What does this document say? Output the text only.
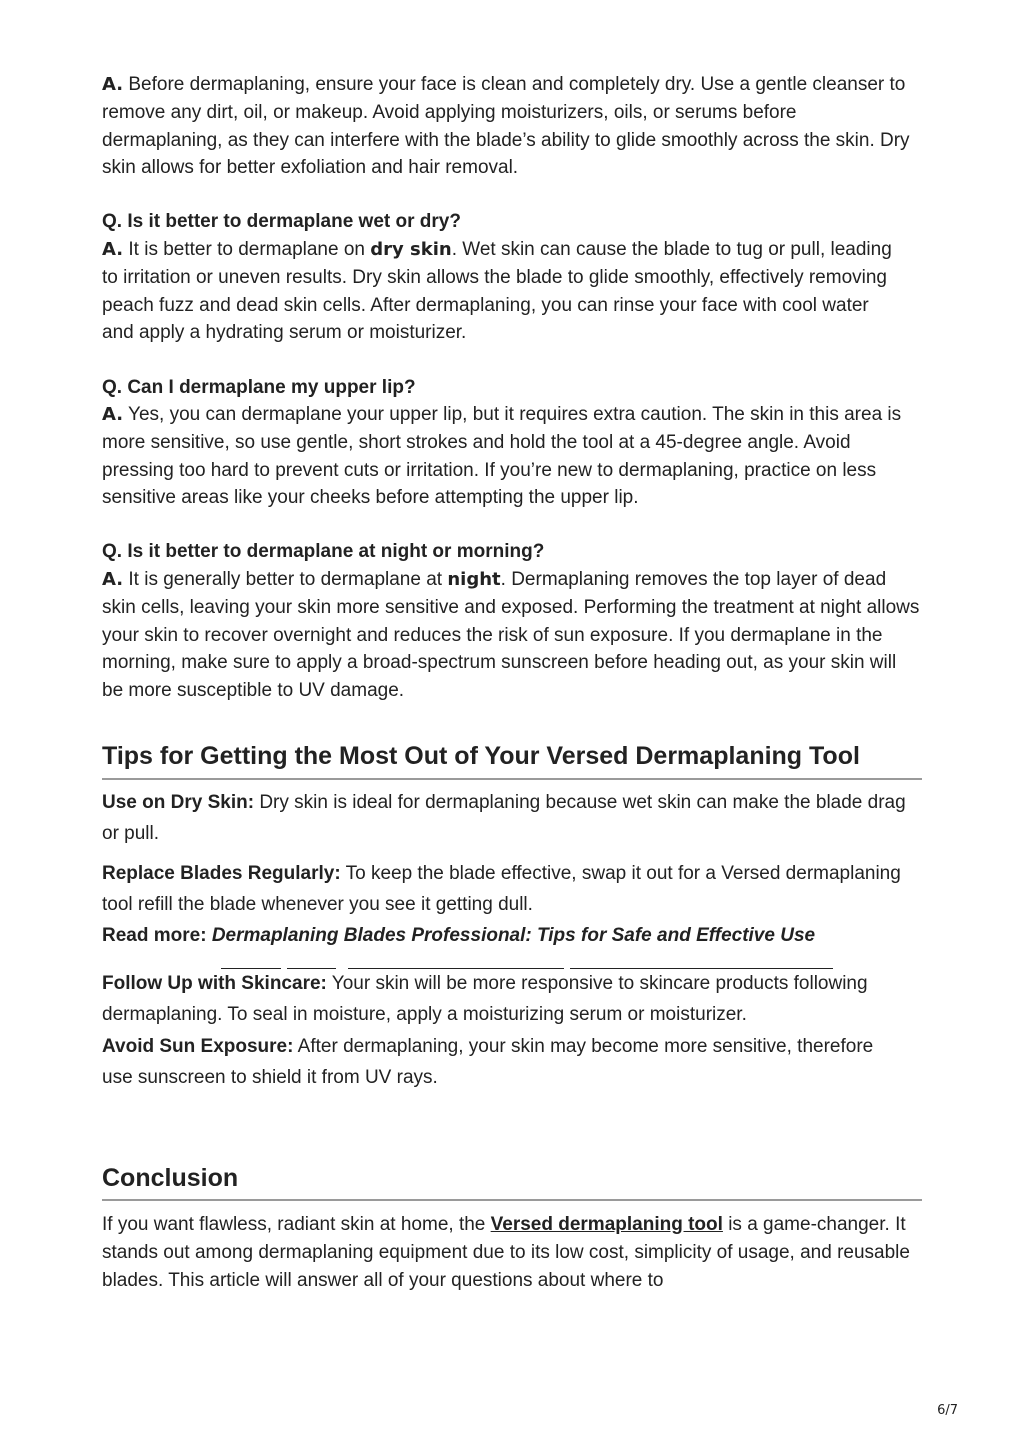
A. Before dermaplaning, ensure your face is clean and completely dry. Use a gentle cleanser to remove any dirt, oil, or makeup. Avoid applying moisturizers, oils, or serums before dermaplaning, as they can interfere with the blade’s ability to glide smoothly across the skin. Dry skin allows for better exfoliation and hair removal.

Q. Is it better to dermaplane wet or dry?

A. It is better to dermaplane on dry skin. Wet skin can cause the blade to tug or pull, leading to irritation or uneven results. Dry skin allows the blade to glide smoothly, effectively removing peach fuzz and dead skin cells. After dermaplaning, you can rinse your face with cool water and apply a hydrating serum or moisturizer.

Q. Can I dermaplane my upper lip?

A. Yes, you can dermaplane your upper lip, but it requires extra caution. The skin in this area is more sensitive, so use gentle, short strokes and hold the tool at a 45-degree angle. Avoid pressing too hard to prevent cuts or irritation. If you’re new to dermaplaning, practice on less sensitive areas like your cheeks before attempting the upper lip.

Q. Is it better to dermaplane at night or morning?

A. It is generally better to dermaplane at night. Dermaplaning removes the top layer of dead skin cells, leaving your skin more sensitive and exposed. Performing the treatment at night allows your skin to recover overnight and reduces the risk of sun exposure. If you dermaplane in the morning, make sure to apply a broad-spectrum sunscreen before heading out, as your skin will be more susceptible to UV damage.

Tips for Getting the Most Out of Your Versed Dermaplaning Tool

Use on Dry Skin: Dry skin is ideal for dermaplaning because wet skin can make the blade drag or pull.

Replace Blades Regularly: To keep the blade effective, swap it out for a Versed dermaplaning tool refill the blade whenever you see it getting dull.

Read more: Dermaplaning Blades Professional: Tips for Safe and Effective Use

Follow Up with Skincare: Your skin will be more responsive to skincare products following dermaplaning. To seal in moisture, apply a moisturizing serum or moisturizer.

Avoid Sun Exposure: After dermaplaning, your skin may become more sensitive, therefore use sunscreen to shield it from UV rays.

Conclusion

If you want flawless, radiant skin at home, the Versed dermaplaning tool is a game-changer. It stands out among dermaplaning equipment due to its low cost, simplicity of usage, and reusable blades. This article will answer all of your questions about where to

6/7
